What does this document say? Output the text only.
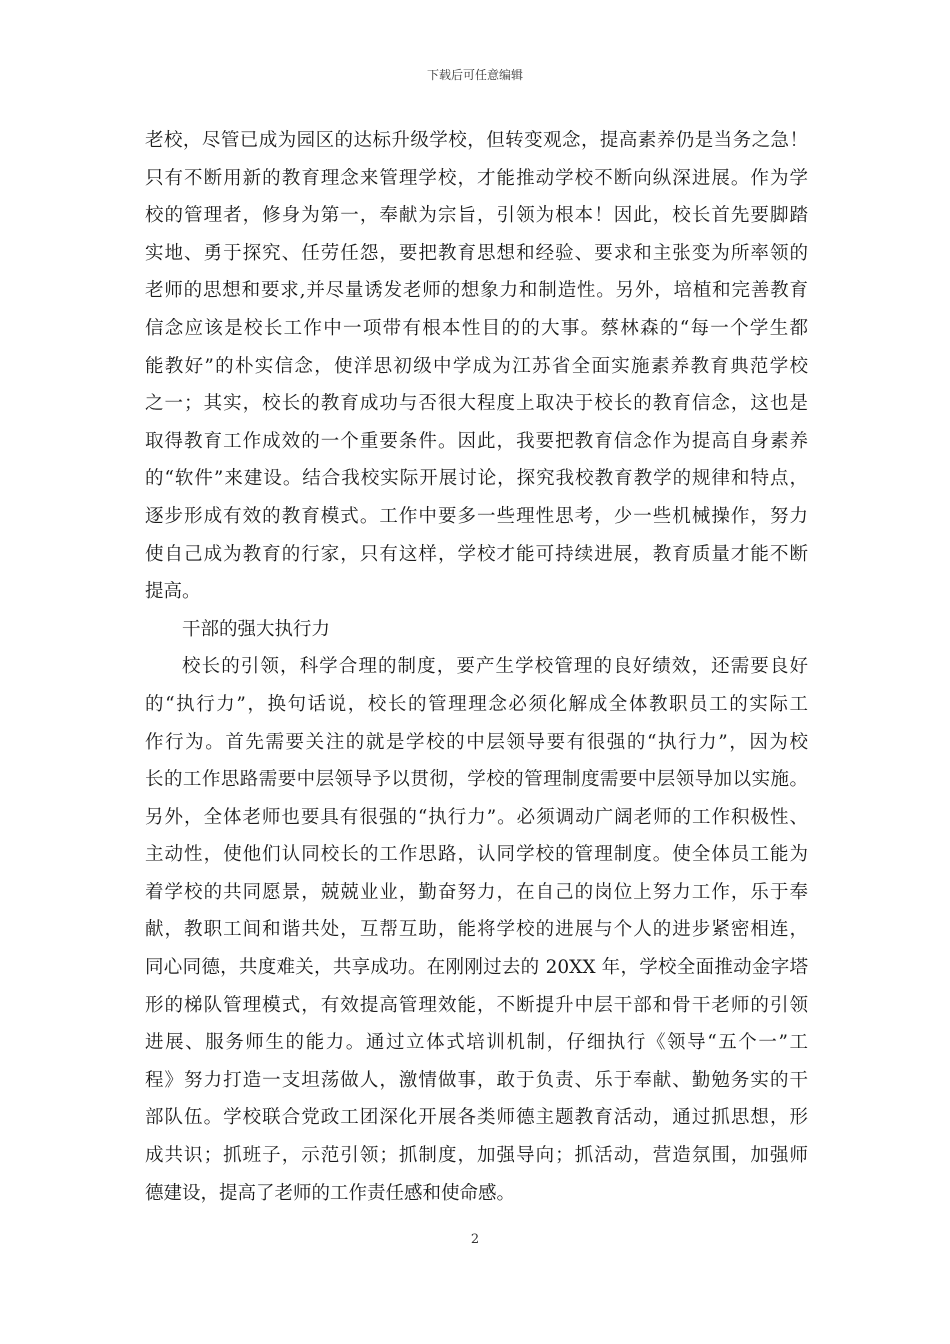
下载后可任意编辑
老校，尽管已成为园区的达标升级学校，但转变观念，提高素养仍是当务之急！
只有不断用新的教育理念来管理学校，才能推动学校不断向纵深进展。作为学
校的管理者，修身为第一，奉献为宗旨，引领为根本！因此，校长首先要脚踏
实地、勇于探究、任劳任怨，要把教育思想和经验、要求和主张变为所率领的
老师的思想和要求,并尽量诱发老师的想象力和制造性。另外，培植和完善教育
信念应该是校长工作中一项带有根本性目的的大事。蔡林森的“每一个学生都
能教好”的朴实信念，使洋思初级中学成为江苏省全面实施素养教育典范学校
之一；其实，校长的教育成功与否很大程度上取决于校长的教育信念，这也是
取得教育工作成效的一个重要条件。因此，我要把教育信念作为提高自身素养
的“软件”来建设。结合我校实际开展讨论，探究我校教育教学的规律和特点，
逐步形成有效的教育模式。工作中要多一些理性思考，少一些机械操作，努力
使自己成为教育的行家，只有这样，学校才能可持续进展，教育质量才能不断
提高。
干部的强大执行力
校长的引领，科学合理的制度，要产生学校管理的良好绩效，还需要良好
的“执行力”，换句话说，校长的管理理念必须化解成全体教职员工的实际工
作行为。首先需要关注的就是学校的中层领导要有很强的“执行力”，因为校
长的工作思路需要中层领导予以贯彻，学校的管理制度需要中层领导加以实施。
另外，全体老师也要具有很强的“执行力”。必须调动广阔老师的工作积极性、
主动性，使他们认同校长的工作思路，认同学校的管理制度。使全体员工能为
着学校的共同愿景，兢兢业业，勤奋努力，在自己的岗位上努力工作，乐于奉
献，教职工间和谐共处，互帮互助，能将学校的进展与个人的进步紧密相连，
同心同德，共度难关，共享成功。在刚刚过去的 20XX 年，学校全面推动金字塔
形的梯队管理模式，有效提高管理效能，不断提升中层干部和骨干老师的引领
进展、服务师生的能力。通过立体式培训机制，仔细执行《领导“五个一”工
程》努力打造一支坦荡做人，激情做事，敢于负责、乐于奉献、勤勉务实的干
部队伍。学校联合党政工团深化开展各类师德主题教育活动，通过抓思想，形
成共识；抓班子，示范引领；抓制度，加强导向；抓活动，营造氛围，加强师
德建设，提高了老师的工作责任感和使命感。
2
